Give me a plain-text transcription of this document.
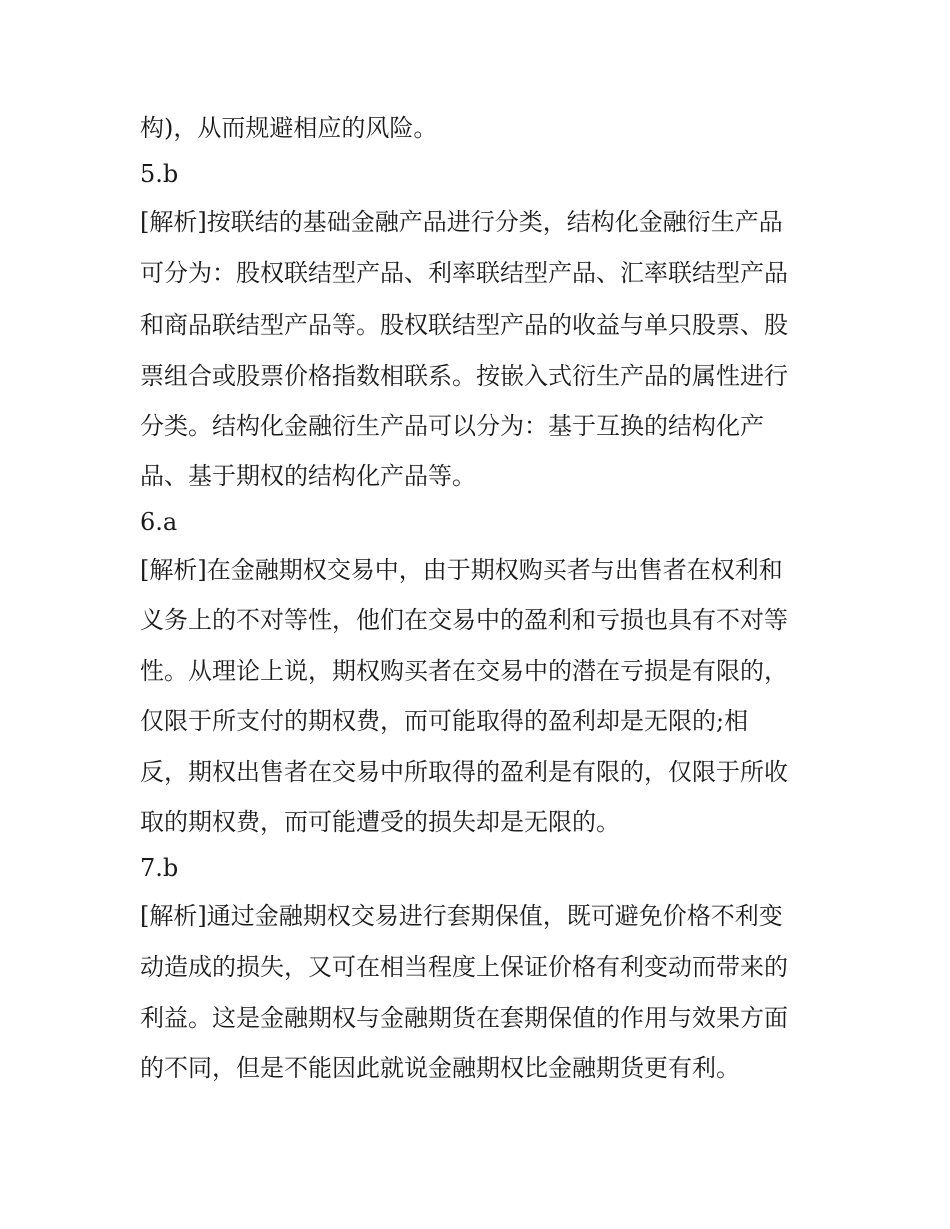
构)，从而规避相应的风险。

5.b

[解析]按联结的基础金融产品进行分类，结构化金融衍生产品

可分为：股权联结型产品、利率联结型产品、汇率联结型产品

和商品联结型产品等。股权联结型产品的收益与单只股票、股

票组合或股票价格指数相联系。按嵌入式衍生产品的属性进行

分类。结构化金融衍生产品可以分为：基于互换的结构化产

品、基于期权的结构化产品等。

6.a

[解析]在金融期权交易中，由于期权购买者与出售者在权利和

义务上的不对等性，他们在交易中的盈利和亏损也具有不对等

性。从理论上说，期权购买者在交易中的潜在亏损是有限的，

仅限于所支付的期权费，而可能取得的盈利却是无限的;相

反，期权出售者在交易中所取得的盈利是有限的，仅限于所收

取的期权费，而可能遭受的损失却是无限的。

7.b

[解析]通过金融期权交易进行套期保值，既可避免价格不利变

动造成的损失，又可在相当程度上保证价格有利变动而带来的

利益。这是金融期权与金融期货在套期保值的作用与效果方面

的不同，但是不能因此就说金融期权比金融期货更有利。
